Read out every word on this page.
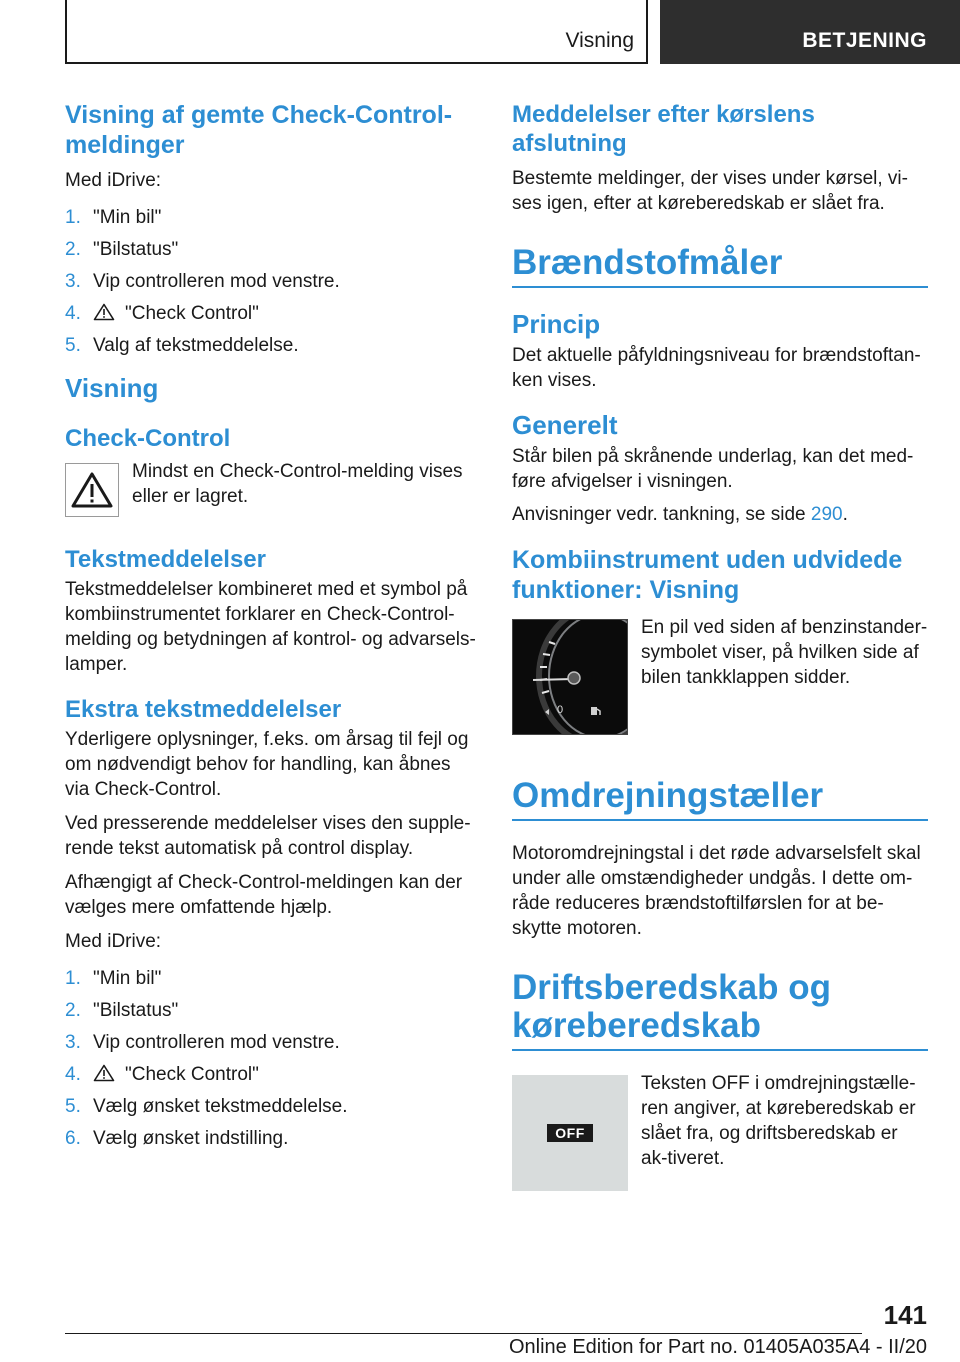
Visning	BETJENING
Visning af gemte Check-Control-meldinger

Med iDrive:

1. "Min bil"
2. "Bilstatus"
3. Vip controlleren mod venstre.
4. "Check Control"
5. Valg af tekstmeddelelse.
Visning
Check-Control

Mindst en Check-Control-melding vises eller er lagret.

Tekstmeddelelser

Tekstmeddelelser kombineret med et symbol på kombiinstrumentet forklarer en Check-Control-melding og betydningen af kontrol- og advarsels-lamper.

Ekstra tekstmeddelelser

Yderligere oplysninger, f.eks. om årsag til fejl og om nødvendigt behov for handling, kan åbnes via Check-Control.

Ved presserende meddelelser vises den supple-rende tekst automatisk på control display.

Afhængigt af Check-Control-meldingen kan der vælges mere omfattende hjælp.

Med iDrive:

1. "Min bil"
2. "Bilstatus"
3. Vip controlleren mod venstre.
4. "Check Control"
5. Vælg ønsket tekstmeddelelse.
6. Vælg ønsket indstilling.
Meddelelser efter kørslens afslutning

Bestemte meldinger, der vises under kørsel, vi-ses igen, efter at køreberedskab er slået fra.

Brændstofmåler
Princip

Det aktuelle påfyldningsniveau for brændstoftan-ken vises.

Generelt

Står bilen på skrånende underlag, kan det med-føre afvigelser i visningen.

Anvisninger vedr. tankning, se side 290.

Kombiinstrument uden udvidede funktioner: Visning
0

En pil ved siden af benzinstander-symbolet viser, på hvilken side af bilen tankklappen sidder.

Omdrejningstæller

Motoromdrejningstal i det røde advarselsfelt skal under alle omstændigheder undgås. I dette om-råde reduceres brændstoftilførslen for at be-skytte motoren.

Driftsberedskab og køreberedskab
OFF

Teksten OFF i omdrejningstælle-ren angiver, at køreberedskab er slået fra, og driftsberedskab er ak-tiveret.

141
Online Edition for Part no. 01405A035A4 - II/20
